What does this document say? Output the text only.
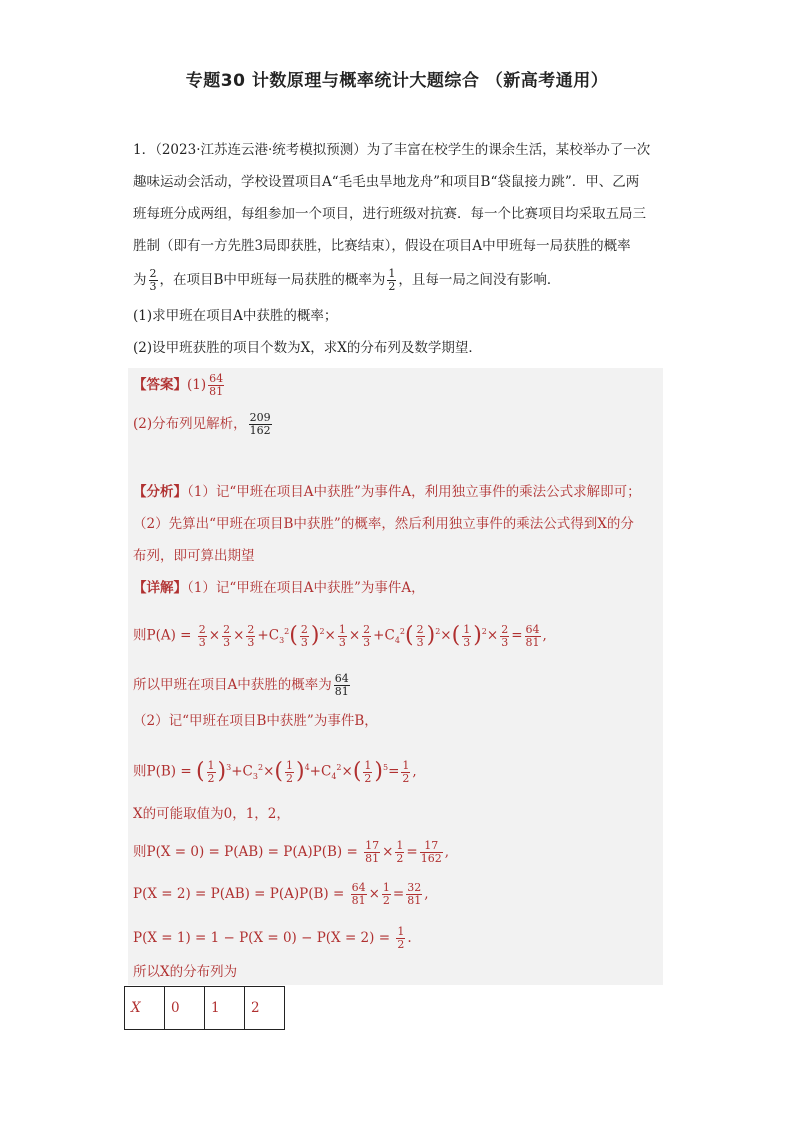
专题30 计数原理与概率统计大题综合 （新高考通用）
1．（2023·江苏连云港·统考模拟预测）为了丰富在校学生的课余生活，某校举办了一次
趣味运动会活动，学校设置项目A“毛毛虫旱地龙舟”和项目B“袋鼠接力跳”．甲、乙两
班每班分成两组，每组参加一个项目，进行班级对抗赛．每一个比赛项目均采取五局三
胜制（即有一方先胜3局即获胜，比赛结束），假设在项目A中甲班每一局获胜的概率
为 $\frac{2}{3}$ ，在项目B中甲班每一局获胜的概率为 $\frac{1}{2}$ ，且每一局之间没有影响．
(1)求甲班在项目A中获胜的概率；
(2)设甲班获胜的项目个数为X，求X的分布列及数学期望．
【答案】$(1) \frac{64}{81}$
(2)分布列见解析， $\frac{209}{162}$
【分析】（1）记“甲班在项目A中获胜”为事件A，利用独立事件的乘法公式求解即可；
（2）先算出“甲班在项目B中获胜”的概率，然后利用独立事件的乘法公式得到X的分
布列，即可算出期望
【详解】（1）记“甲班在项目A中获胜”为事件A，
则$P(A) = \frac{2}{3} \times \frac{2}{3} \times \frac{2}{3} +C_3^2( \frac{2}{3} )^2\times \frac{1}{3} \times \frac{2}{3} +C_4^2( \frac{2}{3} )^2\times( \frac{1}{3} )^2\times \frac{2}{3} = \frac{64}{81}$ ,
所以甲班在项目A中获胜的概率为 $\frac{64}{81}$
（2）记“甲班在项目B中获胜”为事件B，
则P(B) = ( $\frac{1}{2} )^3+C_3^2\times( \frac{1}{2} )^4+C_4^2\times( \frac{1}{2} )^5= \frac{1}{2}$ ,
X的可能取值为0，1，2，
则$P(X = 0) = P(AB) = P(A)P(B) = \frac{17}{81} \times \frac{1}{2} = \frac{17}{162}$ ,
$P(X = 2) = P(AB) = P(A)P(B) = \frac{64}{81} \times \frac{1}{2} = \frac{32}{81}$ ,
$P(X = 1) = 1 - P(X = 0) - P(X = 2) = \frac{1}{2}$ .
所以X的分布列为
X	0	1	2
